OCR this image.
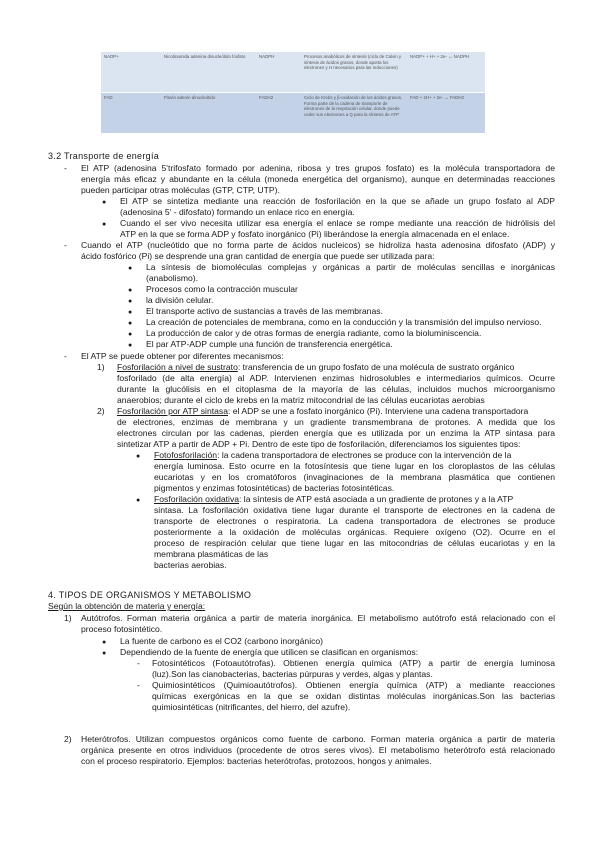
NADP+	Nicotinamida adenina dinucleótido fosfato	NADPH	Procesos anabólicos de síntesis (ciclo de Calvin y síntesis de ácidos grasos, donde aporta los electrones y H necesarios para las reducciones)	NADP+ + H+ + 2e- ↔ NADPH
FAD	Flavín adenín dinucleótido	FADH2	Ciclo de Krebs y β-oxidación de los ácidos grasos. Forma parte de la cadena de transporte de electrones de la respiración celular, donde puede ceder sus electrones a Q para la síntesis de ATP	FAD + 2H+ + 2e- ↔ FADH2
3.2 Transporte de energía
- El ATP (adenosina 5'trifosfato formado por adenina, ribosa y tres grupos fosfato) es la molécula transportadora de
energía más eficaz y abundante en la célula (moneda energética del organismo), aunque en determinadas reacciones
pueden participar otras moléculas (GTP, CTP, UTP).
● El ATP se sintetiza mediante una reacción de fosforilación en la que se añade un grupo fosfato al ADP
(adenosina 5' - difosfato) formando un enlace rico en energía.
● Cuando el ser vivo necesita utilizar esa energía el enlace se rompe mediante una reacción de hidrólisis del
ATP en la que se forma ADP y fosfato inorgánico (Pi) liberándose la energía almacenada en el enlace.
- Cuando el ATP (nucleótido que no forma parte de ácidos nucleicos) se hidroliza hasta adenosina difosfato (ADP) y
ácido fosfórico (Pi) se desprende una gran cantidad de energía que puede ser utilizada para:
● La síntesis de biomoléculas complejas y orgánicas a partir de moléculas sencillas e inorgánicas
(anabolismo).
● Procesos como la contracción muscular
● la división celular.
● El transporte activo de sustancias a través de las membranas.
● La creación de potenciales de membrana, como en la conducción y la transmisión del impulso nervioso.
● La producción de calor y de otras formas de energía radiante, como la bioluminiscencia.
● El par ATP-ADP cumple una función de transferencia energética.
- El ATP se puede obtener por diferentes mecanismos:
1) Fosforilación a nivel de sustrato: transferencia de un grupo fosfato de una molécula de sustrato orgánico
fosforilado (de alta energía) al ADP. Intervienen enzimas hidrosolubles e intermediarios químicos. Ocurre
durante la glucólisis en el citoplasma de la mayoría de las células, incluidos muchos microorganismo
anaerobios; durante el ciclo de krebs en la matriz mitocondrial de las células eucariotas aerobias
2) Fosforilación por ATP sintasa: el ADP se une a fosfato inorgánico (Pi). Interviene una cadena transportadora
de electrones, enzimas de membrana y un gradiente transmembrana de protones. A medida que los
electrones circulan por las cadenas, pierden energía que es utilizada por un enzima la ATP sintasa para
sintetizar ATP a partir de ADP + Pi. Dentro de este tipo de fosforilación, diferenciamos los siguientes tipos:
● Fotofosforilación: la cadena transportadora de electrones se produce con la intervención de la
energía luminosa. Esto ocurre en la fotosíntesis que tiene lugar en los cloroplastos de las células
eucariotas y en los cromatóforos (invaginaciones de la membrana plasmática que contienen
pigmentos y enzimas fotosintéticas) de bacterias fotosintéticas.
● Fosforilación oxidativa: la síntesis de ATP está asociada a un gradiente de protones y a la ATP
sintasa. La fosforilación oxidativa tiene lugar durante el transporte de electrones en la cadena de
transporte de electrones o respiratoria. La cadena transportadora de electrones se produce
posteriormente a la oxidación de moléculas orgánicas. Requiere oxígeno (O2). Ocurre en el
proceso de respiración celular que tiene lugar en las mitocondrias de células eucariotas y en la
membrana plasmáticas de las
bacterias aerobias.
4. TIPOS DE ORGANISMOS Y METABOLISMO
Según la obtención de materia y energía:
1) Autótrofos. Forman materia orgánica a partir de materia inorgánica. El metabolismo autótrofo está relacionado con el
proceso fotosintético.
● La fuente de carbono es el CO2 (carbono inorgánico)
● Dependiendo de la fuente de energía que utilicen se clasifican en organismos:
- Fotosintéticos (Fotoautótrofas). Obtienen energía química (ATP) a partir de energía luminosa
(luz).Son las cianobacterias, bacterias púrpuras y verdes, algas y plantas.
- Quimiosintéticos (Quimioautótrofos). Obtienen energía química (ATP) a mediante reacciones
químicas exergónicas en la que se oxidan distintas moléculas inorgánicas.Son las bacterias
quimiosintéticas (nitrificantes, del hierro, del azufre).
2) Heterótrofos. Utilizan compuestos orgánicos como fuente de carbono. Forman materia orgánica a partir de materia
orgánica presente en otros individuos (procedente de otros seres vivos). El metabolismo heterótrofo está relacionado
con el proceso respiratorio. Ejemplos: bacterias heterótrofas, protozoos, hongos y animales.
